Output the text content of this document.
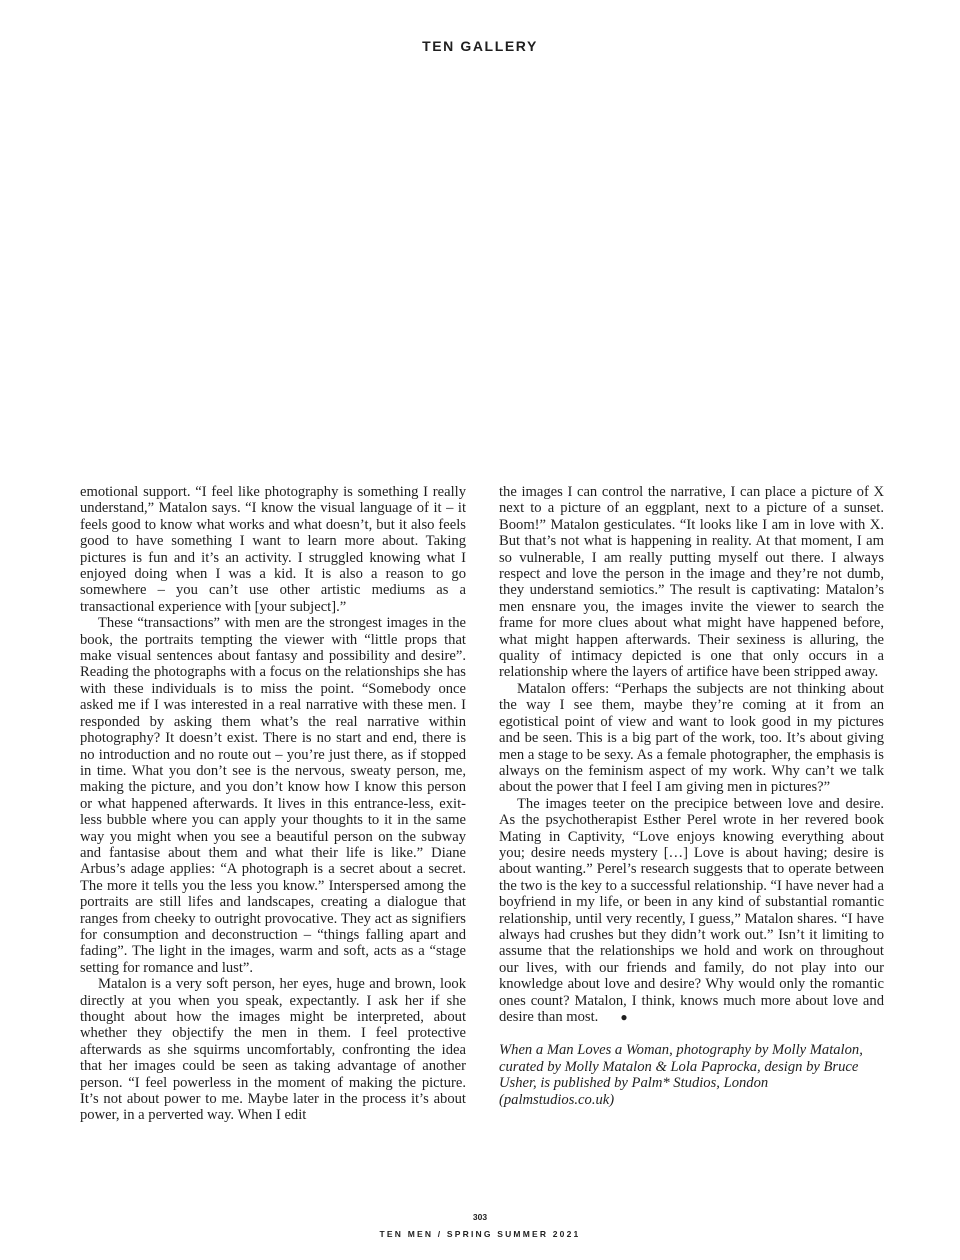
TEN GALLERY

emotional support. “I feel like photography is something I really understand,” Matalon says. “I know the visual language of it – it feels good to know what works and what doesn’t, but it also feels good to have something I want to learn more about. Taking pictures is fun and it’s an activity. I struggled knowing what I enjoyed doing when I was a kid. It is also a reason to go somewhere – you can’t use other artistic mediums as a transactional experience with [your subject].”

These “transactions” with men are the strongest images in the book, the portraits tempting the viewer with “little props that make visual sentences about fantasy and possibility and desire”. Reading the photographs with a focus on the relationships she has with these individuals is to miss the point. “Somebody once asked me if I was interested in a real narrative with these men. I responded by asking them what’s the real narrative within photography? It doesn’t exist. There is no start and end, there is no introduction and no route out – you’re just there, as if stopped in time. What you don’t see is the nervous, sweaty person, me, making the picture, and you don’t know how I know this person or what happened afterwards. It lives in this entrance-less, exit-less bubble where you can apply your thoughts to it in the same way you might when you see a beautiful person on the subway and fantasise about them and what their life is like.” Diane Arbus’s adage applies: “A photograph is a secret about a secret. The more it tells you the less you know.” Interspersed among the portraits are still lifes and landscapes, creating a dialogue that ranges from cheeky to outright provocative. They act as signifiers for consumption and deconstruction – “things falling apart and fading”. The light in the images, warm and soft, acts as a “stage setting for romance and lust”.

Matalon is a very soft person, her eyes, huge and brown, look directly at you when you speak, expectantly. I ask her if she thought about how the images might be interpreted, about whether they objectify the men in them. I feel protective afterwards as she squirms uncomfortably, confronting the idea that her images could be seen as taking advantage of another person. “I feel powerless in the moment of making the picture. It’s not about power to me. Maybe later in the process it’s about power, in a perverted way. When I edit

the images I can control the narrative, I can place a picture of X next to a picture of an eggplant, next to a picture of a sunset. Boom!” Matalon gesticulates. “It looks like I am in love with X. But that’s not what is happening in reality. At that moment, I am so vulnerable, I am really putting myself out there. I always respect and love the person in the image and they’re not dumb, they understand semiotics.” The result is captivating: Matalon’s men ensnare you, the images invite the viewer to search the frame for more clues about what might have happened before, what might happen afterwards. Their sexiness is alluring, the quality of intimacy depicted is one that only occurs in a relationship where the layers of artifice have been stripped away.

Matalon offers: “Perhaps the subjects are not thinking about the way I see them, maybe they’re coming at it from an egotistical point of view and want to look good in my pictures and be seen. This is a big part of the work, too. It’s about giving men a stage to be sexy. As a female photographer, the emphasis is always on the feminism aspect of my work. Why can’t we talk about the power that I feel I am giving men in pictures?”

The images teeter on the precipice between love and desire. As the psychotherapist Esther Perel wrote in her revered book Mating in Captivity, “Love enjoys knowing everything about you; desire needs mystery […] Love is about having; desire is about wanting.” Perel’s research suggests that to operate between the two is the key to a successful relationship. “I have never had a boyfriend in my life, or been in any kind of substantial romantic relationship, until very recently, I guess,” Matalon shares. “I have always had crushes but they didn’t work out.” Isn’t it limiting to assume that the relationships we hold and work on throughout our lives, with our friends and family, do not play into our knowledge about love and desire? Why would only the romantic ones count? Matalon, I think, knows much more about love and desire than most. ●

When a Man Loves a Woman, photography by Molly Matalon, curated by Molly Matalon & Lola Paprocka, design by Bruce Usher, is published by Palm* Studios, London (palmstudios.co.uk)

303
TEN MEN / SPRING SUMMER 2021
